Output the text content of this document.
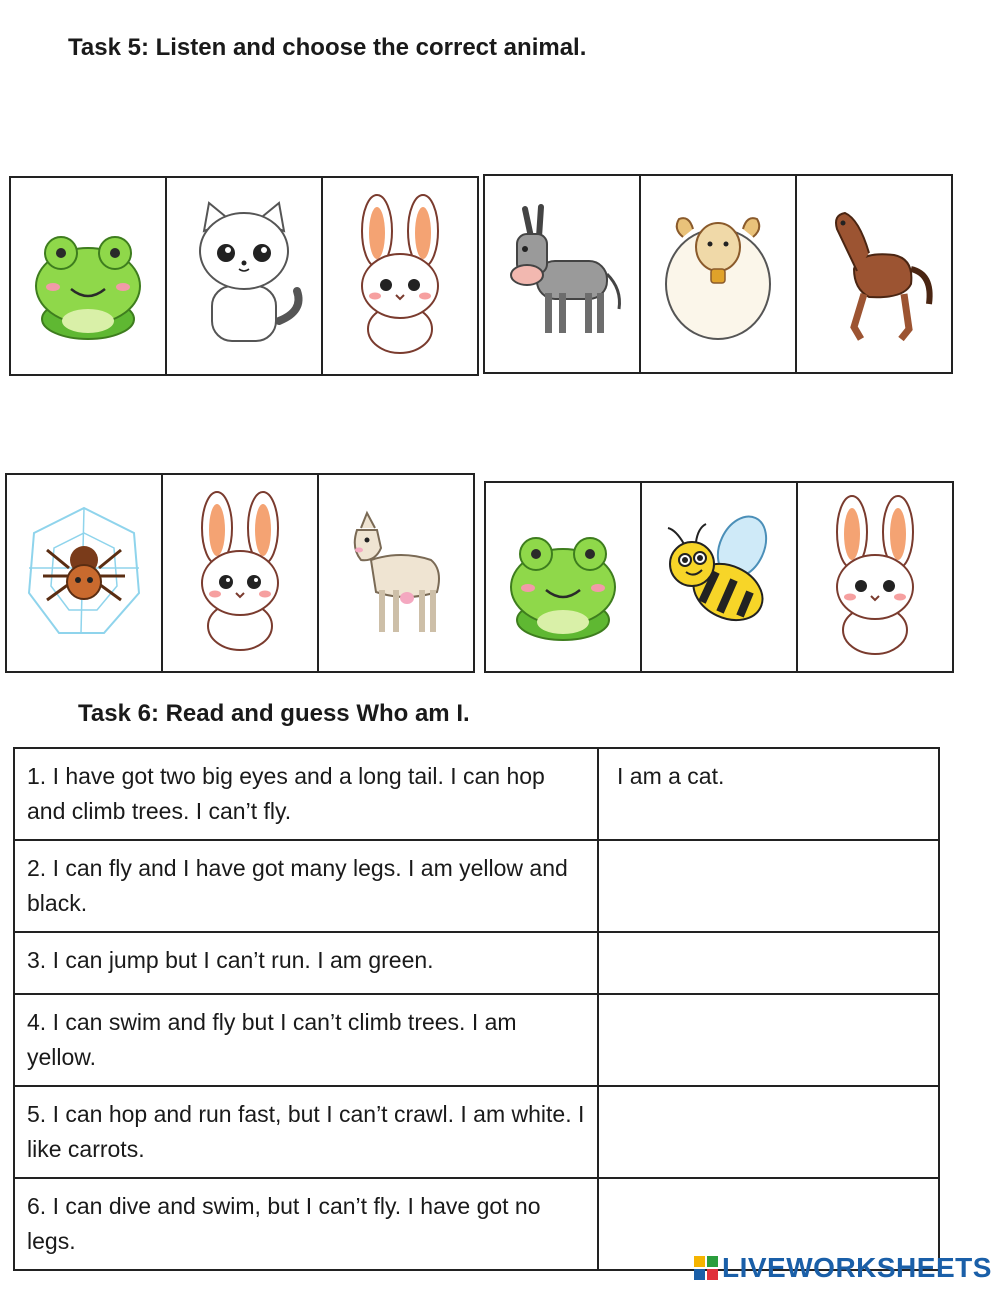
Task 5: Listen and choose the correct animal.
Task 6: Read and guess Who am I.
1. I have got two big eyes and a long tail. I can hop and climb trees. I can’t fly.	I am a cat.
2. I can fly and I have got many legs. I am yellow and black.	
3. I can jump but I can’t run. I am green.	
4. I can swim and fly but I can’t climb trees. I am yellow.	
5. I can hop and run fast, but I can’t crawl. I am white. I like carrots.	
6. I can dive and swim, but I can’t fly. I have got no legs.	
LIVEWORKSHEETS
